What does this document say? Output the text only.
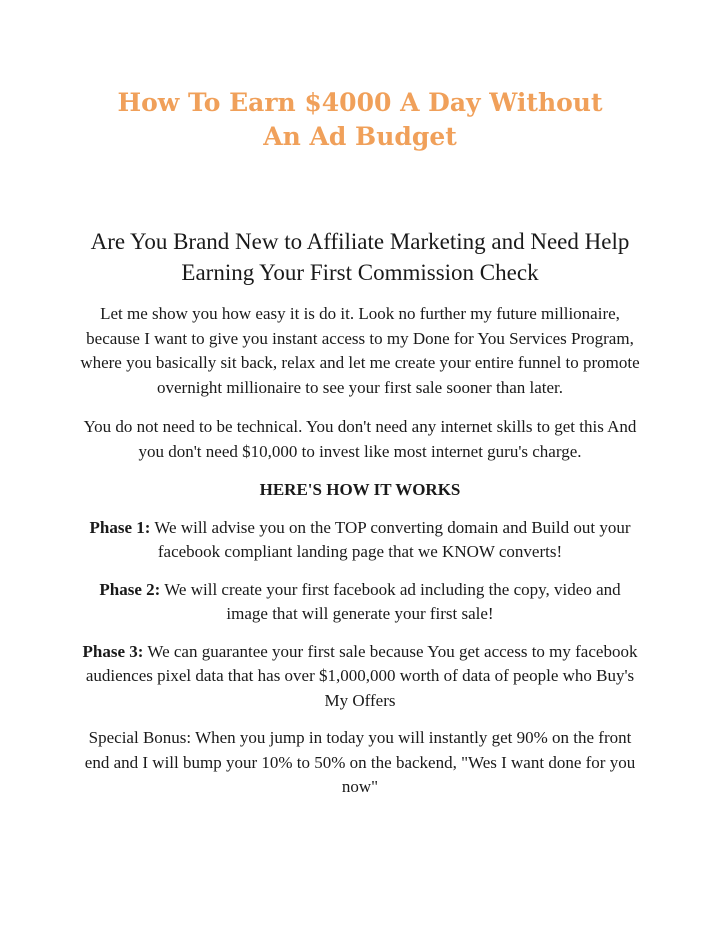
How To Earn $4000 A Day Without
An Ad Budget
Are You Brand New to Affiliate Marketing and Need Help Earning Your First Commission Check

Let me show you how easy it is do it. Look no further my future millionaire, because I want to give you instant access to my Done for You Services Program, where you basically sit back, relax and let me create your entire funnel to promote overnight millionaire to see your first sale sooner than later.

You do not need to be technical. You don't need any internet skills to get this And you don't need $10,000 to invest like most internet guru's charge.

HERE'S HOW IT WORKS

Phase 1: We will advise you on the TOP converting domain and Build out your facebook compliant landing page that we KNOW converts!

Phase 2: We will create your first facebook ad including the copy, video and image that will generate your first sale!

Phase 3: We can guarantee your first sale because You get access to my facebook audiences pixel data that has over $1,000,000 worth of data of people who Buy's My Offers

Special Bonus: When you jump in today you will instantly get 90% on the front end and I will bump your 10% to 50% on the backend, "Wes I want done for you now"
